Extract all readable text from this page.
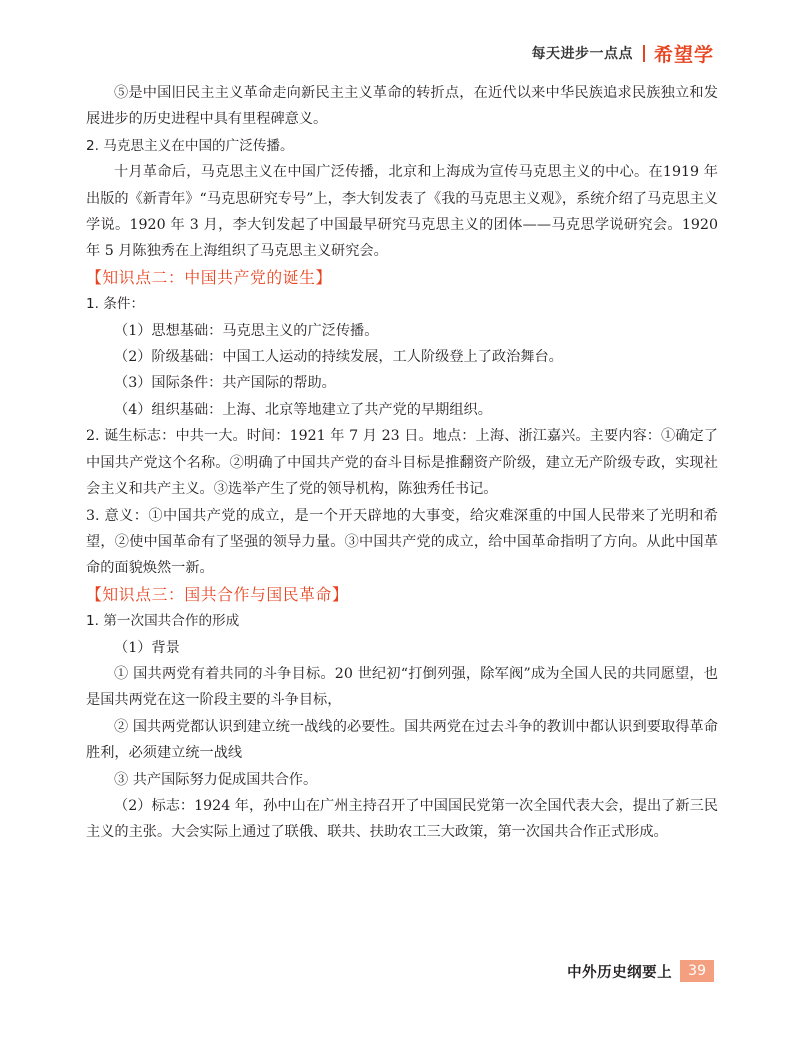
每天进步一点点 希望学

⑤是中国旧民主主义革命走向新民主主义革命的转折点，在近代以来中华民族追求民族独立和发展进步的历史进程中具有里程碑意义。

2. 马克思主义在中国的广泛传播。

十月革命后，马克思主义在中国广泛传播，北京和上海成为宣传马克思主义的中心。在1919 年出版的《新青年》“马克思研究专号”上，李大钊发表了《我的马克思主义观》，系统介绍了马克思主义学说。1920 年 3 月，李大钊发起了中国最早研究马克思主义的团体——马克思学说研究会。1920 年 5 月陈独秀在上海组织了马克思主义研究会。

【知识点二：中国共产党的诞生】

1. 条件：

（1）思想基础：马克思主义的广泛传播。

（2）阶级基础：中国工人运动的持续发展，工人阶级登上了政治舞台。

（3）国际条件：共产国际的帮助。

（4）组织基础：上海、北京等地建立了共产党的早期组织。

2. 诞生标志：中共一大。时间：1921 年 7 月 23 日。地点：上海、浙江嘉兴。主要内容：①确定了中国共产党这个名称。②明确了中国共产党的奋斗目标是推翻资产阶级，建立无产阶级专政，实现社会主义和共产主义。③选举产生了党的领导机构，陈独秀任书记。

3. 意义：①中国共产党的成立，是一个开天辟地的大事变，给灾难深重的中国人民带来了光明和希望，②使中国革命有了坚强的领导力量。③中国共产党的成立，给中国革命指明了方向。从此中国革命的面貌焕然一新。

【知识点三：国共合作与国民革命】

1. 第一次国共合作的形成

（1）背景

① 国共两党有着共同的斗争目标。20 世纪初“打倒列强，除军阀”成为全国人民的共同愿望，也是国共两党在这一阶段主要的斗争目标，

② 国共两党都认识到建立统一战线的必要性。国共两党在过去斗争的教训中都认识到要取得革命胜利，必须建立统一战线

③ 共产国际努力促成国共合作。

（2）标志：1924 年，孙中山在广州主持召开了中国国民党第一次全国代表大会，提出了新三民主义的主张。大会实际上通过了联俄、联共、扶助农工三大政策，第一次国共合作正式形成。

中外历史纲要上	39
